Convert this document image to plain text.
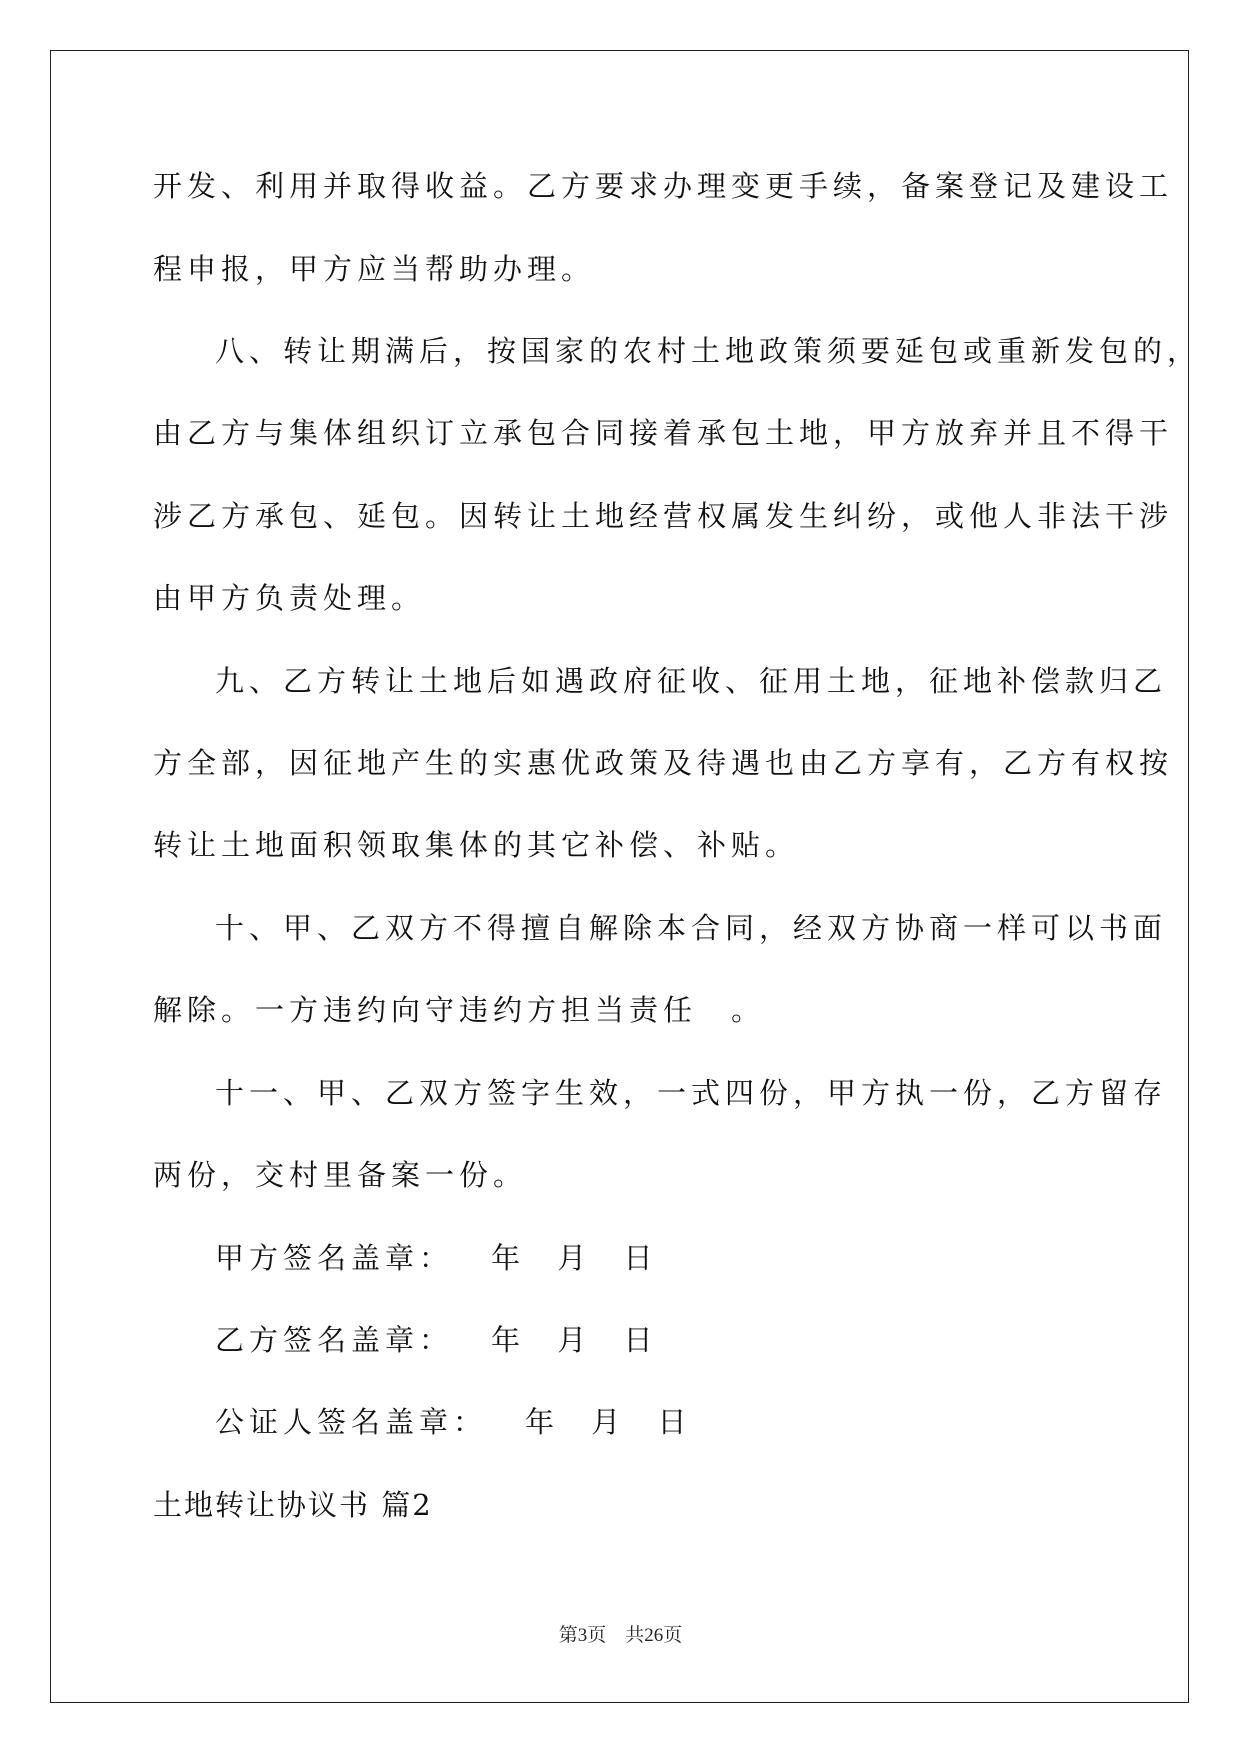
开发、利用并取得收益。乙方要求办理变更手续，备案登记及建设工
程申报，甲方应当帮助办理。
八、转让期满后，按国家的农村土地政策须要延包或重新发包的，
由乙方与集体组织订立承包合同接着承包土地，甲方放弃并且不得干
涉乙方承包、延包。因转让土地经营权属发生纠纷，或他人非法干涉
由甲方负责处理。
九、乙方转让土地后如遇政府征收、征用土地，征地补偿款归乙
方全部，因征地产生的实惠优政策及待遇也由乙方享有，乙方有权按
转让土地面积领取集体的其它补偿、补贴。
十、甲、乙双方不得擅自解除本合同，经双方协商一样可以书面
解除。一方违约向守违约方担当责任　。
十一、甲、乙双方签字生效，一式四份，甲方执一份，乙方留存
两份，交村里备案一份。
甲方签名盖章： 年 月 日
乙方签名盖章： 年 月 日
公证人签名盖章： 年 月 日
土地转让协议书 篇2
第3页 共26页
